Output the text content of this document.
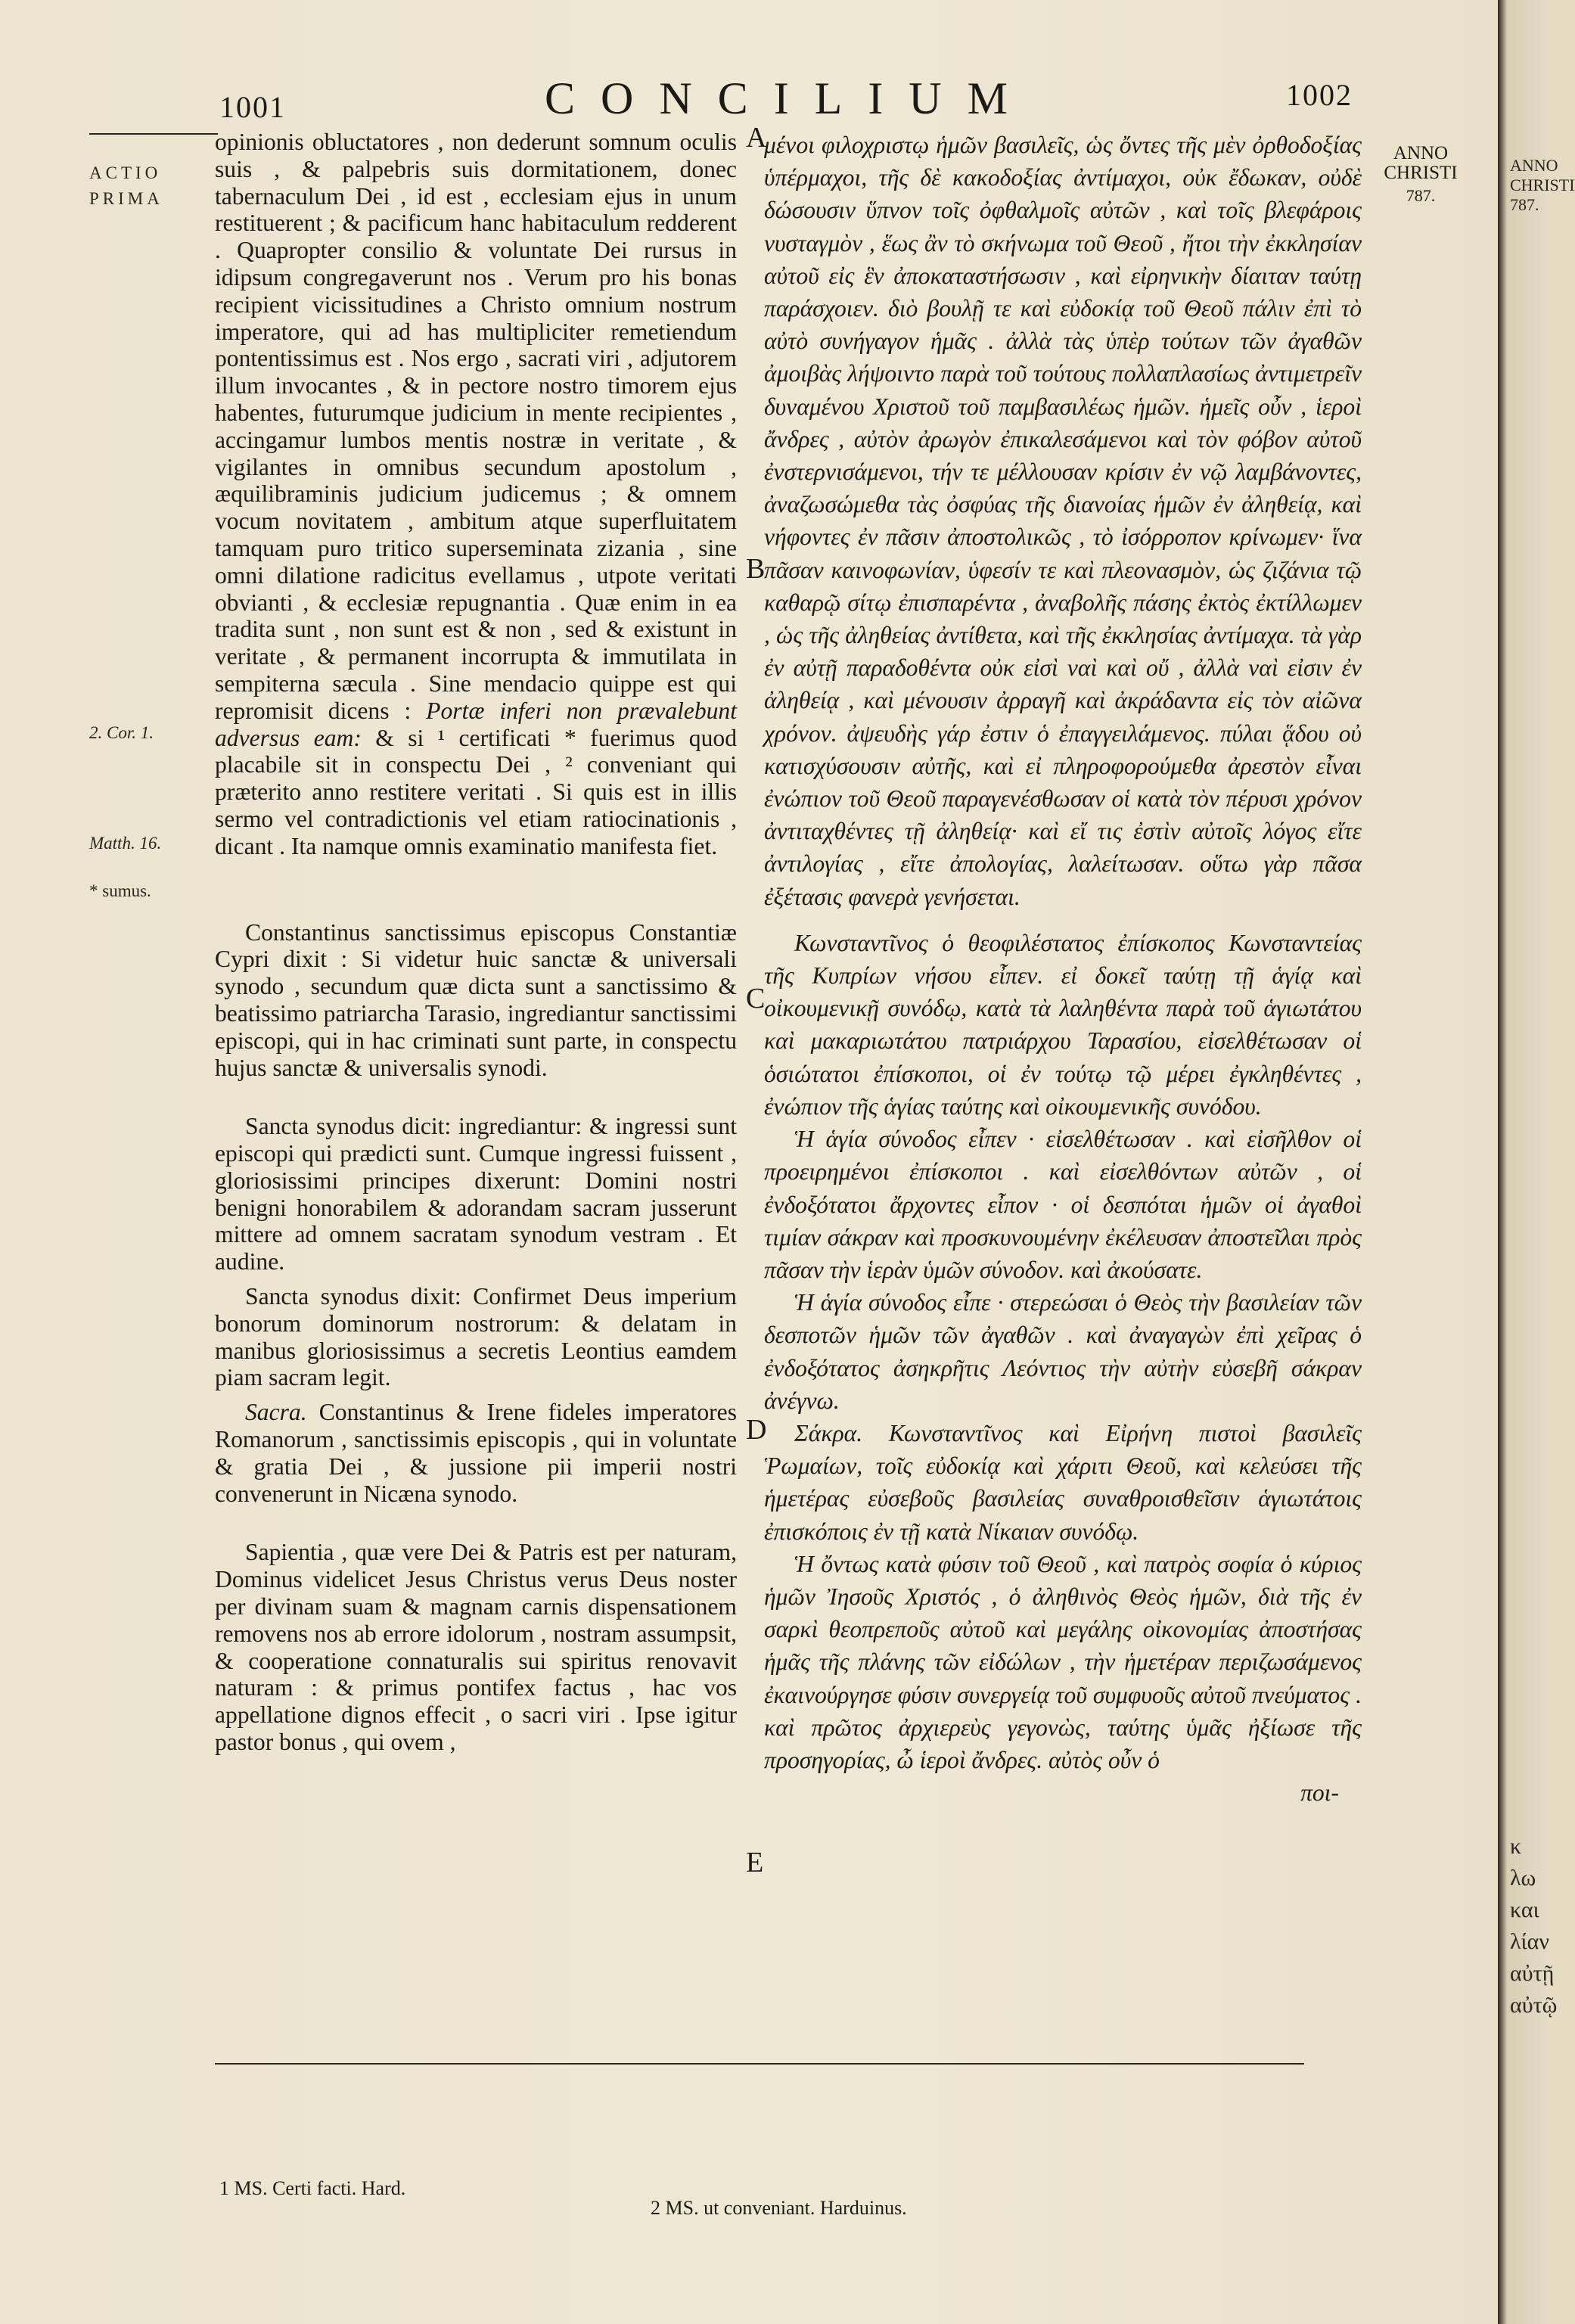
1001	CONCILIUM	1002
ANNO CHRISTI
787.
ACTIO PRIMA
2. Cor. 1.
Matth. 16.
* sumus.
A
B
C
D
E

opinionis obluctatores , non dederunt somnum oculis suis , & palpebris suis dormitationem, donec tabernaculum Dei , id est , ecclesiam ejus in unum restituerent ; & pacificum hanc habitaculum redderent . Quapropter consilio & voluntate Dei rursus in idipsum congregaverunt nos . Verum pro his bonas recipient vicissitudines a Christo omnium nostrum imperatore, qui ad has multipliciter remetiendum pontentissimus est . Nos ergo , sacrati viri , adjutorem illum invocantes , & in pectore nostro timorem ejus habentes, futurumque judicium in mente recipientes , accingamur lumbos mentis nostræ in veritate , & vigilantes in omnibus secundum apostolum , æquilibraminis judicium judicemus ; & omnem vocum novitatem , ambitum atque superfluitatem tamquam puro tritico superseminata zizania , sine omni dilatione radicitus evellamus , utpote veritati obvianti , & ecclesiæ repugnantia . Quæ enim in ea tradita sunt , non sunt est & non , sed & existunt in veritate , & permanent incorrupta & immutilata in sempiterna sæcula . Sine mendacio quippe est qui repromisit dicens : Portæ inferi non prævalebunt adversus eam: & si ¹ certificati * fuerimus quod placabile sit in conspectu Dei , ² conveniant qui præterito anno restitere veritati . Si quis est in illis sermo vel contradictionis vel etiam ratiocinationis , dicant . Ita namque omnis examinatio manifesta fiet.

Constantinus sanctissimus episcopus Constantiæ Cypri dixit : Si videtur huic sanctæ & universali synodo , secundum quæ dicta sunt a sanctissimo & beatissimo patriarcha Tarasio, ingrediantur sanctissimi episcopi, qui in hac criminati sunt parte, in conspectu hujus sanctæ & universalis synodi.

Sancta synodus dicit: ingrediantur: & ingressi sunt episcopi qui prædicti sunt. Cumque ingressi fuissent , gloriosissimi principes dixerunt: Domini nostri benigni honorabilem & adorandam sacram jusserunt mittere ad omnem sacratam synodum vestram . Et audine.

Sancta synodus dixit: Confirmet Deus imperium bonorum dominorum nostrorum: & delatam in manibus gloriosissimus a secretis Leontius eamdem piam sacram legit.

Sacra. Constantinus & Irene fideles imperatores Romanorum , sanctissimis episcopis , qui in voluntate & gratia Dei , & jussione pii imperii nostri convenerunt in Nicæna synodo.

Sapientia , quæ vere Dei & Patris est per naturam, Dominus videlicet Jesus Christus verus Deus noster per divinam suam & magnam carnis dispensationem removens nos ab errore idolorum , nostram assumpsit, & cooperatione connaturalis sui spiritus renovavit naturam : & primus pontifex factus , hac vos appellatione dignos effecit , o sacri viri . Ipse igitur pastor bonus , qui ovem ,

μένοι φιλοχριστῳ ἡμῶν βασιλεῖς, ὡς ὄντες τῆς μὲν ὀρθοδοξίας ὑπέρμαχοι, τῆς δὲ κακοδοξίας ἀντίμαχοι, οὐκ ἔδωκαν, οὐδὲ δώσουσιν ὕπνον τοῖς ὀφθαλμοῖς αὐτῶν , καὶ τοῖς βλεφάροις νυσταγμὸν , ἕως ἂν τὸ σκήνωμα τοῦ Θεοῦ , ἤτοι τὴν ἐκκλησίαν αὐτοῦ εἰς ἓν ἀποκαταστήσωσιν , καὶ εἰρηνικὴν δίαιταν ταύτῃ παράσχοιεν. διὸ βουλῇ τε καὶ εὐδοκίᾳ τοῦ Θεοῦ πάλιν ἐπὶ τὸ αὐτὸ συνήγαγον ἡμᾶς . ἀλλὰ τὰς ὑπὲρ τούτων τῶν ἀγαθῶν ἀμοιβὰς λήψοιντο παρὰ τοῦ τούτους πολλαπλασίως ἀντιμετρεῖν δυναμένου Χριστοῦ τοῦ παμβασιλέως ἡμῶν. ἡμεῖς οὖν , ἱεροὶ ἄνδρες , αὐτὸν ἀρωγὸν ἐπικαλεσάμενοι καὶ τὸν φόβον αὐτοῦ ἐνστερνισάμενοι, τήν τε μέλλουσαν κρίσιν ἐν νῷ λαμβάνοντες, ἀναζωσώμεθα τὰς ὀσφύας τῆς διανοίας ἡμῶν ἐν ἀληθείᾳ, καὶ νήφοντες ἐν πᾶσιν ἀποστολικῶς , τὸ ἰσόρροπον κρίνωμεν· ἵνα πᾶσαν καινοφωνίαν, ὑφεσίν τε καὶ πλεονασμὸν, ὡς ζιζάνια τῷ καθαρῷ σίτῳ ἐπισπαρέντα , ἀναβολῆς πάσης ἐκτὸς ἐκτίλλωμεν , ὡς τῆς ἀληθείας ἀντίθετα, καὶ τῆς ἐκκλησίας ἀντίμαχα. τὰ γὰρ ἐν αὐτῇ παραδοθέντα οὐκ εἰσὶ ναὶ καὶ οὔ , ἀλλὰ ναὶ εἰσιν ἐν ἀληθείᾳ , καὶ μένουσιν ἀρραγῆ καὶ ἀκράδαντα εἰς τὸν αἰῶνα χρόνον. ἀψευδὴς γάρ ἐστιν ὁ ἐπαγγειλάμενος. πύλαι ᾅδου οὐ κατισχύσουσιν αὐτῆς, καὶ εἰ πληροφορούμεθα ἀρεστὸν εἶναι ἐνώπιον τοῦ Θεοῦ παραγενέσθωσαν οἱ κατὰ τὸν πέρυσι χρόνον ἀντιταχθέντες τῇ ἀληθείᾳ· καὶ εἴ τις ἐστὶν αὐτοῖς λόγος εἴτε ἀντιλογίας , εἴτε ἀπολογίας, λαλείτωσαν. οὕτω γὰρ πᾶσα ἐξέτασις φανερὰ γενήσεται.

Κωνσταντῖνος ὁ θεοφιλέστατος ἐπίσκοπος Κωνσταντείας τῆς Κυπρίων νήσου εἶπεν. εἰ δοκεῖ ταύτῃ τῇ ἁγίᾳ καὶ οἰκουμενικῇ συνόδῳ, κατὰ τὰ λαληθέντα παρὰ τοῦ ἁγιωτάτου καὶ μακαριωτάτου πατριάρχου Ταρασίου, εἰσελθέτωσαν οἱ ὁσιώτατοι ἐπίσκοποι, οἱ ἐν τούτῳ τῷ μέρει ἐγκληθέντες , ἐνώπιον τῆς ἁγίας ταύτης καὶ οἰκουμενικῆς συνόδου.

Ἡ ἁγία σύνοδος εἶπεν · εἰσελθέτωσαν . καὶ εἰσῆλθον οἱ προειρημένοι ἐπίσκοποι . καὶ εἰσελθόντων αὐτῶν , οἱ ἐνδοξότατοι ἄρχοντες εἶπον · οἱ δεσπόται ἡμῶν οἱ ἀγαθοὶ τιμίαν σάκραν καὶ προσκυνουμένην ἐκέλευσαν ἀποστεῖλαι πρὸς πᾶσαν τὴν ἱερὰν ὑμῶν σύνοδον. καὶ ἀκούσατε.

Ἡ ἁγία σύνοδος εἶπε · στερεώσαι ὁ Θεὸς τὴν βασιλείαν τῶν δεσποτῶν ἡμῶν τῶν ἀγαθῶν . καὶ ἀναγαγὼν ἐπὶ χεῖρας ὁ ἐνδοξότατος ἀσηκρῆτις Λεόντιος τὴν αὐτὴν εὐσεβῆ σάκραν ἀνέγνω.

Σάκρα. Κωνσταντῖνος καὶ Εἰρήνη πιστοὶ βασιλεῖς Ῥωμαίων, τοῖς εὐδοκίᾳ καὶ χάριτι Θεοῦ, καὶ κελεύσει τῆς ἡμετέρας εὐσεβοῦς βασιλείας συναθροισθεῖσιν ἁγιωτάτοις ἐπισκόποις ἐν τῇ κατὰ Νίκαιαν συνόδῳ.

Ἡ ὄντως κατὰ φύσιν τοῦ Θεοῦ , καὶ πατρὸς σοφία ὁ κύριος ἡμῶν Ἰησοῦς Χριστός , ὁ ἀληθινὸς Θεὸς ἡμῶν, διὰ τῆς ἐν σαρκὶ θεοπρεποῦς αὐτοῦ καὶ μεγάλης οἰκονομίας ἀποστήσας ἡμᾶς τῆς πλάνης τῶν εἰδώλων , τὴν ἡμετέραν περιζωσάμενος ἐκαινούργησε φύσιν συνεργείᾳ τοῦ συμφυοῦς αὐτοῦ πνεύματος . καὶ πρῶτος ἀρχιερεὺς γεγονὼς, ταύτης ὑμᾶς ἠξίωσε τῆς προσηγορίας, ὦ ἱεροὶ ἄνδρες. αὐτὸς οὖν ὁ

ποι-

1 MS. Certi facti. Hard.
2 MS. ut conveniant. Harduinus.
ANNO
CHRISTI
787.
κ
λω
και
λίαν
αὐτῇ
αὐτῷ
